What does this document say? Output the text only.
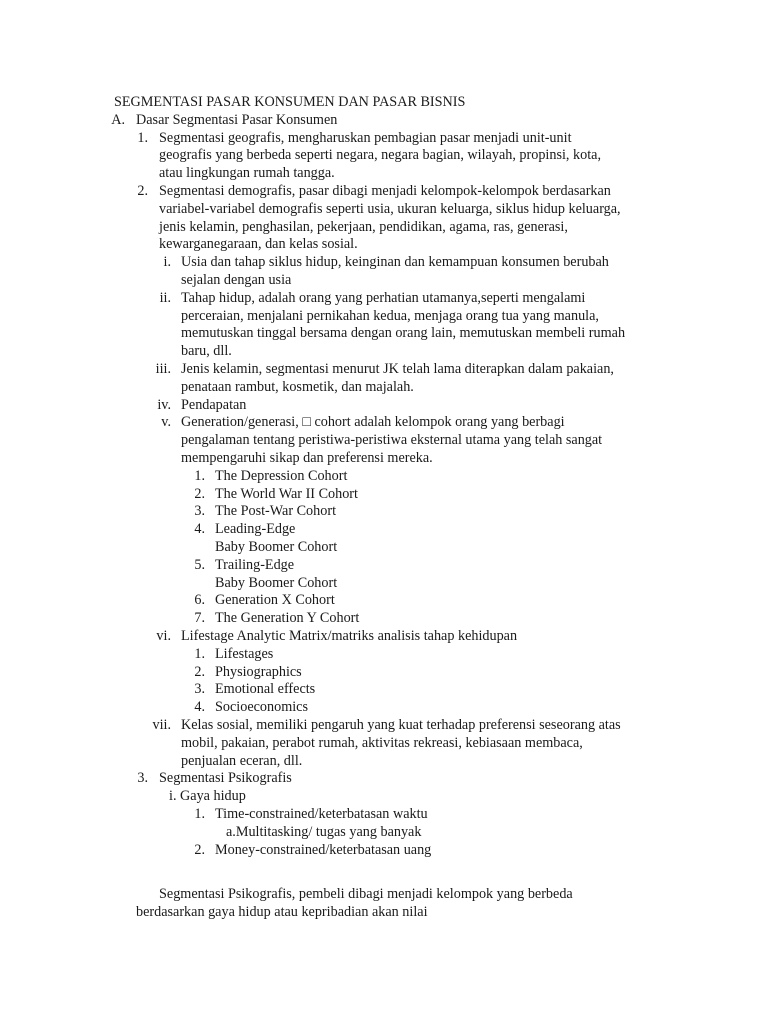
SEGMENTASI PASAR KONSUMEN DAN PASAR BISNIS
A. Dasar Segmentasi Pasar Konsumen
1. Segmentasi geografis, mengharuskan pembagian pasar menjadi unit-unit
geografis yang berbeda seperti negara, negara bagian, wilayah, propinsi, kota,
atau lingkungan rumah tangga.
2. Segmentasi demografis, pasar dibagi menjadi kelompok-kelompok berdasarkan
variabel-variabel demografis seperti usia, ukuran keluarga, siklus hidup keluarga,
jenis kelamin, penghasilan, pekerjaan, pendidikan, agama, ras, generasi,
kewarganegaraan, dan kelas sosial.
i. Usia dan tahap siklus hidup, keinginan dan kemampuan konsumen berubah
sejalan dengan usia
ii. Tahap hidup, adalah orang yang perhatian utamanya,seperti mengalami
perceraian, menjalani pernikahan kedua, menjaga orang tua yang manula,
memutuskan tinggal bersama dengan orang lain, memutuskan membeli rumah
baru, dll.
iii. Jenis kelamin, segmentasi menurut JK telah lama diterapkan dalam pakaian,
penataan rambut, kosmetik, dan majalah.
iv. Pendapatan
v. Generation/generasi, □ cohort adalah kelompok orang yang berbagi
pengalaman tentang peristiwa-peristiwa eksternal utama yang telah sangat
mempengaruhi sikap dan preferensi mereka.
1. The Depression Cohort
2. The World War II Cohort
3. The Post-War Cohort
4. Leading-Edge
Baby Boomer Cohort
5. Trailing-Edge
Baby Boomer Cohort
6. Generation X Cohort
7. The Generation Y Cohort
vi. Lifestage Analytic Matrix/matriks analisis tahap kehidupan
1. Lifestages
2. Physiographics
3. Emotional effects
4. Socioeconomics
vii. Kelas sosial, memiliki pengaruh yang kuat terhadap preferensi seseorang atas
mobil, pakaian, perabot rumah, aktivitas rekreasi, kebiasaan membaca,
penjualan eceran, dll.
3. Segmentasi Psikografis
i. Gaya hidup
1. Time-constrained/keterbatasan waktu
a.Multitasking/ tugas yang banyak
2. Money-constrained/keterbatasan uang
Segmentasi Psikografis, pembeli dibagi menjadi kelompok yang berbeda
berdasarkan gaya hidup atau kepribadian akan nilai
